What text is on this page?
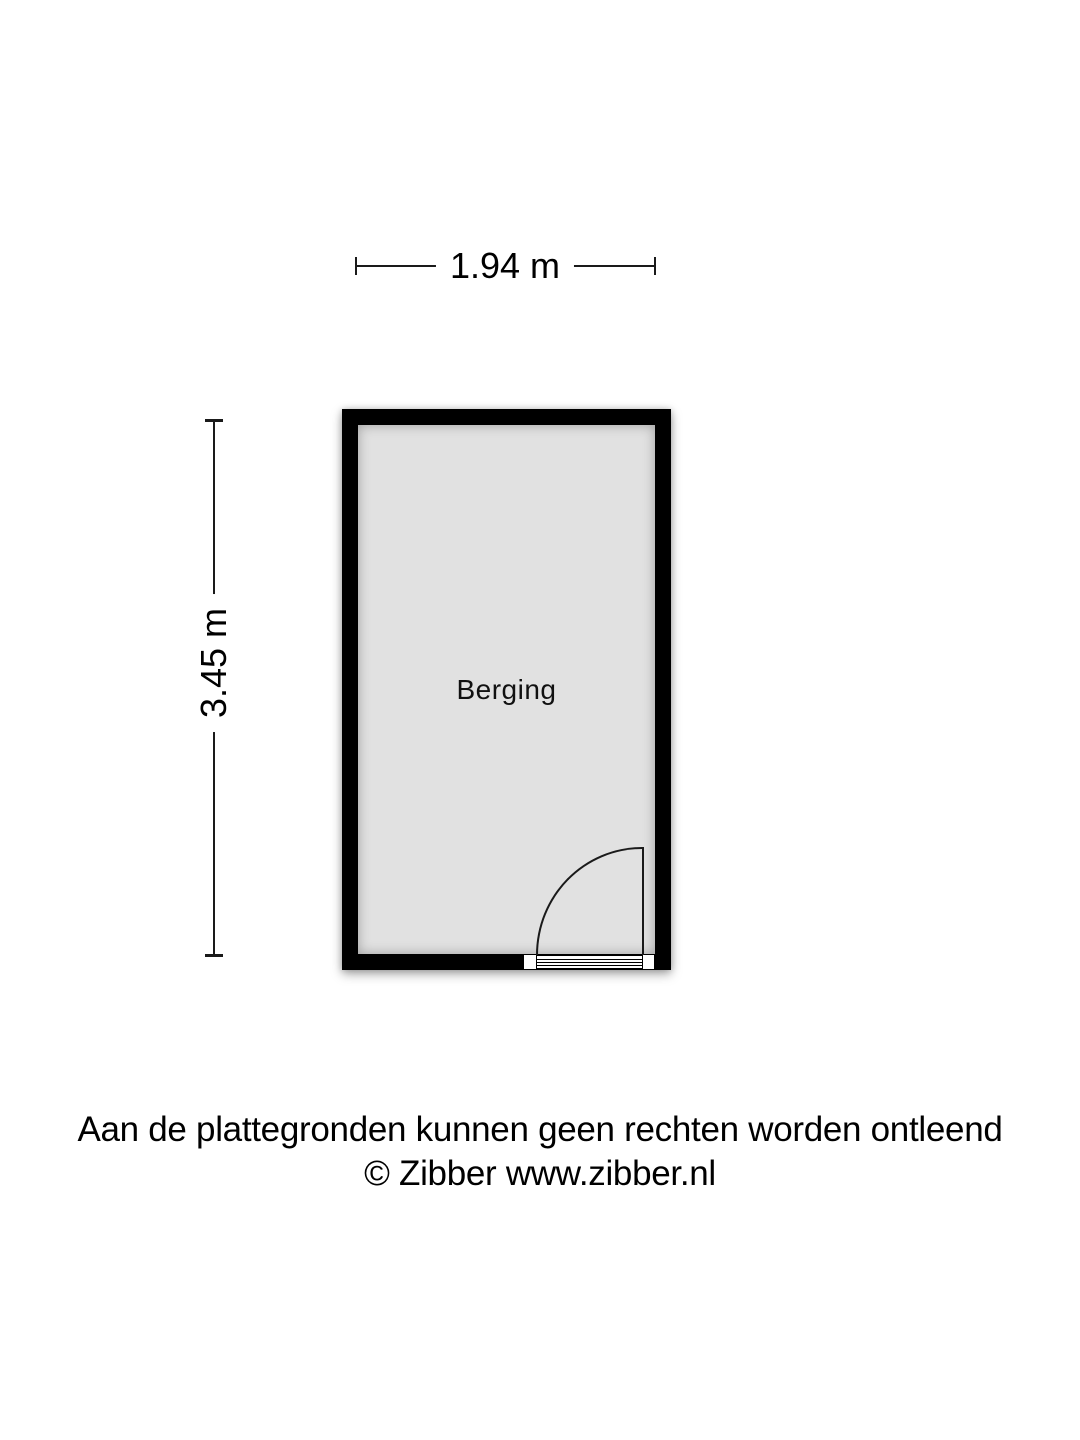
1.94 m
3.45 m	Berging
Aan de plattegronden kunnen geen rechten worden ontleend
© Zibber www.zibber.nl
